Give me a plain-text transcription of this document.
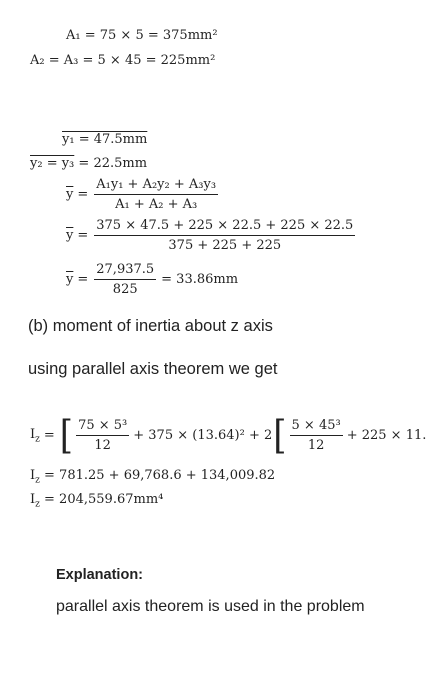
A₁ = 75 × 5 = 375mm²
A₂ = A₃ = 5 × 45 = 225mm²
y₁ = 47.5mm
y₂ = y₃ = 22.5mm
$\overline{y} = \frac{\text{A₁y₁ + A₂y₂ + A₃y₃}}{\text{A₁ + A₂ + A₃}}$
$\overline{y} = \frac{375 \times 47.5 + 225 \times 22.5 + 225 \times 22.5}{375 + 225 + 225}$
$\overline{y} = \frac{27,937.5}{825} = 33.86mm$
(b) moment of inertia about z axis
using parallel axis theorem we get
$I_z$ = [ $\frac{\text{75 × 5³}}{12} + 375 \times (13.64)^2 + 2$ [ $\frac{\text{5 × 45³}}{12} + 225 \times 11$.
$I_z = 781.25 + 69,768.6 + 134,009.82$
$I_z = 204,559.67mm^4$
Explanation:
parallel axis theorem is used in the problem
